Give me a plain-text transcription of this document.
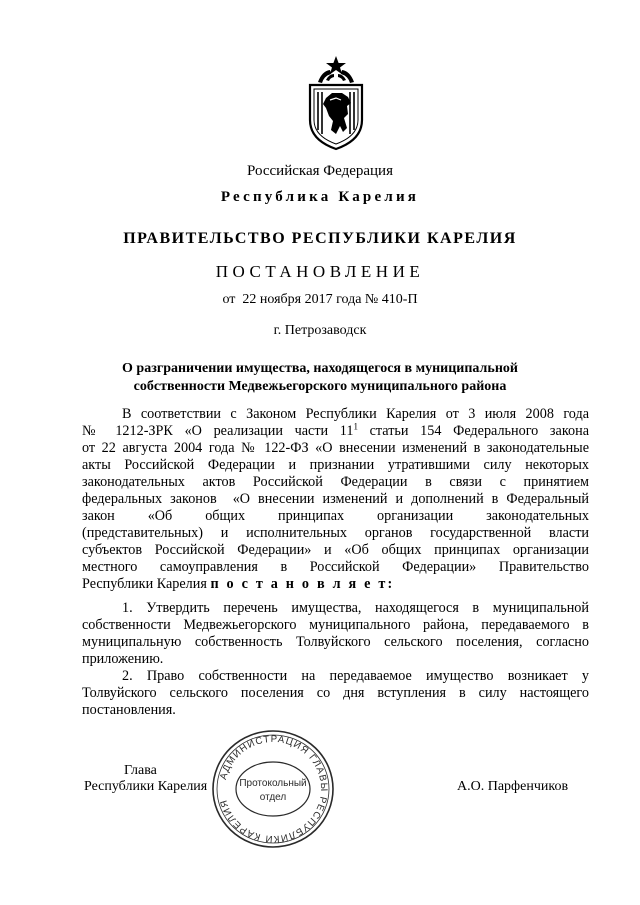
Российская Федерация
Республика Карелия
ПРАВИТЕЛЬСТВО РЕСПУБЛИКИ КАРЕЛИЯ
ПОСТАНОВЛЕНИЕ
от  22 ноября 2017 года № 410-П
г. Петрозаводск
О разграничении имущества, находящегося в муниципальной
собственности Медвежьегорского муниципального района
В соответствии с Законом Республики Карелия от 3 июля 2008 года
№ 1212-ЗРК «О реализации части $11^1$ статьи 154 Федерального закона
от 22 августа 2004 года № 122-ФЗ «О внесении изменений в законодательные
акты Российской Федерации и признании утратившими силу некоторых
законодательных актов Российской Федерации в связи с принятием
федеральных законов  «О внесении изменений и дополнений в Федеральный
закон «Об общих принципах организации законодательных
(представительных) и исполнительных органов государственной власти
субъектов Российской Федерации» и «Об общих принципах организации
местного самоуправления в Российской Федерации» Правительство
Республики Карелия п о с т а н о в л я е т:
1. Утвердить перечень имущества, находящегося в муниципальной
собственности Медвежьегорского муниципального района, передаваемого в
муниципальную собственность Толвуйского сельского поселения, согласно
приложению.
2. Право собственности на передаваемое имущество возникает у
Толвуйского сельского поселения со дня вступления в силу настоящего
постановления.
АДМИНИСТРАЦИЯ ГЛАВЫ РЕСПУБЛИКИ КАРЕЛИЯ
Протокольный
отдел
Глава
Республики Карелия	А.О. Парфенчиков
